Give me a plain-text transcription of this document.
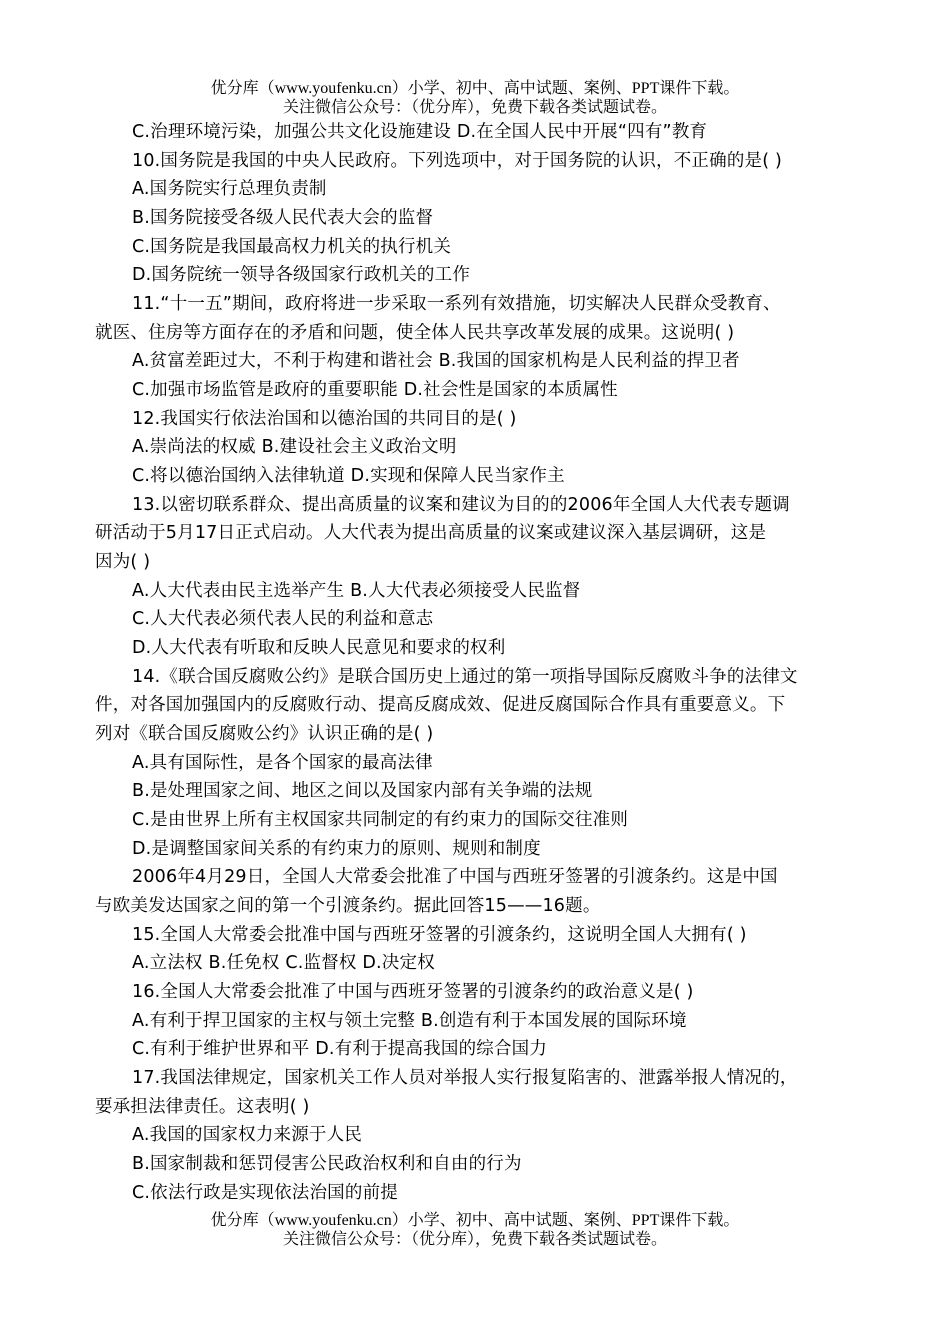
优分库（www.youfenku.cn）小学、初中、高中试题、案例、PPT课件下载。
关注微信公众号：（优分库），免费下载各类试题试卷。
C.治理环境污染，加强公共文化设施建设 D.在全国人民中开展“四有”教育
10.国务院是我国的中央人民政府。下列选项中，对于国务院的认识，不正确的是( )
A.国务院实行总理负责制
B.国务院接受各级人民代表大会的监督
C.国务院是我国最高权力机关的执行机关
D.国务院统一领导各级国家行政机关的工作
11.“十一五”期间，政府将进一步采取一系列有效措施，切实解决人民群众受教育、
就医、住房等方面存在的矛盾和问题，使全体人民共享改革发展的成果。这说明( )
A.贫富差距过大，不利于构建和谐社会 B.我国的国家机构是人民利益的捍卫者
C.加强市场监管是政府的重要职能 D.社会性是国家的本质属性
12.我国实行依法治国和以德治国的共同目的是( )
A.崇尚法的权威 B.建设社会主义政治文明
C.将以德治国纳入法律轨道 D.实现和保障人民当家作主
13.以密切联系群众、提出高质量的议案和建议为目的的2006年全国人大代表专题调
研活动于5月17日正式启动。人大代表为提出高质量的议案或建议深入基层调研，这是
因为( )
A.人大代表由民主选举产生 B.人大代表必须接受人民监督
C.人大代表必须代表人民的利益和意志
D.人大代表有听取和反映人民意见和要求的权利
14.《联合国反腐败公约》是联合国历史上通过的第一项指导国际反腐败斗争的法律文
件，对各国加强国内的反腐败行动、提高反腐成效、促进反腐国际合作具有重要意义。下
列对《联合国反腐败公约》认识正确的是( )
A.具有国际性，是各个国家的最高法律
B.是处理国家之间、地区之间以及国家内部有关争端的法规
C.是由世界上所有主权国家共同制定的有约束力的国际交往准则
D.是调整国家间关系的有约束力的原则、规则和制度
2006年4月29日，全国人大常委会批准了中国与西班牙签署的引渡条约。这是中国
与欧美发达国家之间的第一个引渡条约。据此回答15——16题。
15.全国人大常委会批准中国与西班牙签署的引渡条约，这说明全国人大拥有( )
A.立法权 B.任免权 C.监督权 D.决定权
16.全国人大常委会批准了中国与西班牙签署的引渡条约的政治意义是( )
A.有利于捍卫国家的主权与领土完整 B.创造有利于本国发展的国际环境
C.有利于维护世界和平 D.有利于提高我国的综合国力
17.我国法律规定，国家机关工作人员对举报人实行报复陷害的、泄露举报人情况的，
要承担法律责任。这表明( )
A.我国的国家权力来源于人民
B.国家制裁和惩罚侵害公民政治权利和自由的行为
C.依法行政是实现依法治国的前提
优分库（www.youfenku.cn）小学、初中、高中试题、案例、PPT课件下载。
关注微信公众号：（优分库），免费下载各类试题试卷。
